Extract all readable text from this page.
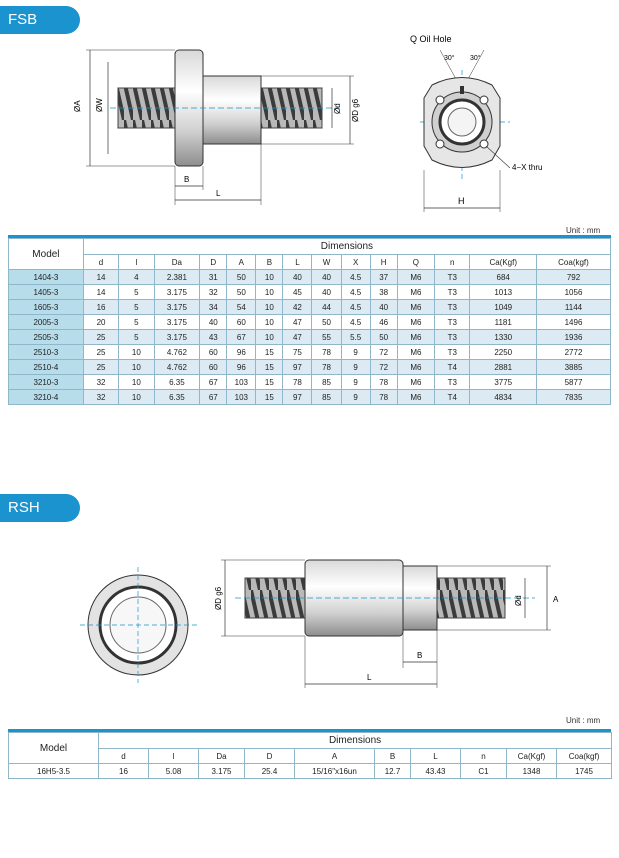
FSB Type
ØA ØW	Ød ØD g6
B
L
Q Oil Hole
30° 30°
4−X thru
H
Unit : mm
Model	Dimensions													
	d	l	Da	D	A	B	L	W	X	H	Q	n	Ca(Kgf)	Coa(kgf)
1404-3	14	4	2.381	31	50	10	40	40	4.5	37	M6	T3	684	792
1405-3	14	5	3.175	32	50	10	45	40	4.5	38	M6	T3	1013	1056
1605-3	16	5	3.175	34	54	10	42	44	4.5	40	M6	T3	1049	1144
2005-3	20	5	3.175	40	60	10	47	50	4.5	46	M6	T3	1181	1496
2505-3	25	5	3.175	43	67	10	47	55	5.5	50	M6	T3	1330	1936
2510-3	25	10	4.762	60	96	15	75	78	9	72	M6	T3	2250	2772
2510-4	25	10	4.762	60	96	15	97	78	9	72	M6	T4	2881	3885
3210-3	32	10	6.35	67	103	15	78	85	9	78	M6	T3	3775	5877
3210-4	32	10	6.35	67	103	15	97	85	9	78	M6	T4	4834	7835
RSH Type
ØD g6	Ød	A
B
L
Unit : mm
Model	Dimensions									
	d	l	Da	D	A	B	L	n	Ca(Kgf)	Coa(kgf)
16H5-3.5	16	5.08	3.175	25.4	15/16"x16un	12.7	43.43	C1	1348	1745
